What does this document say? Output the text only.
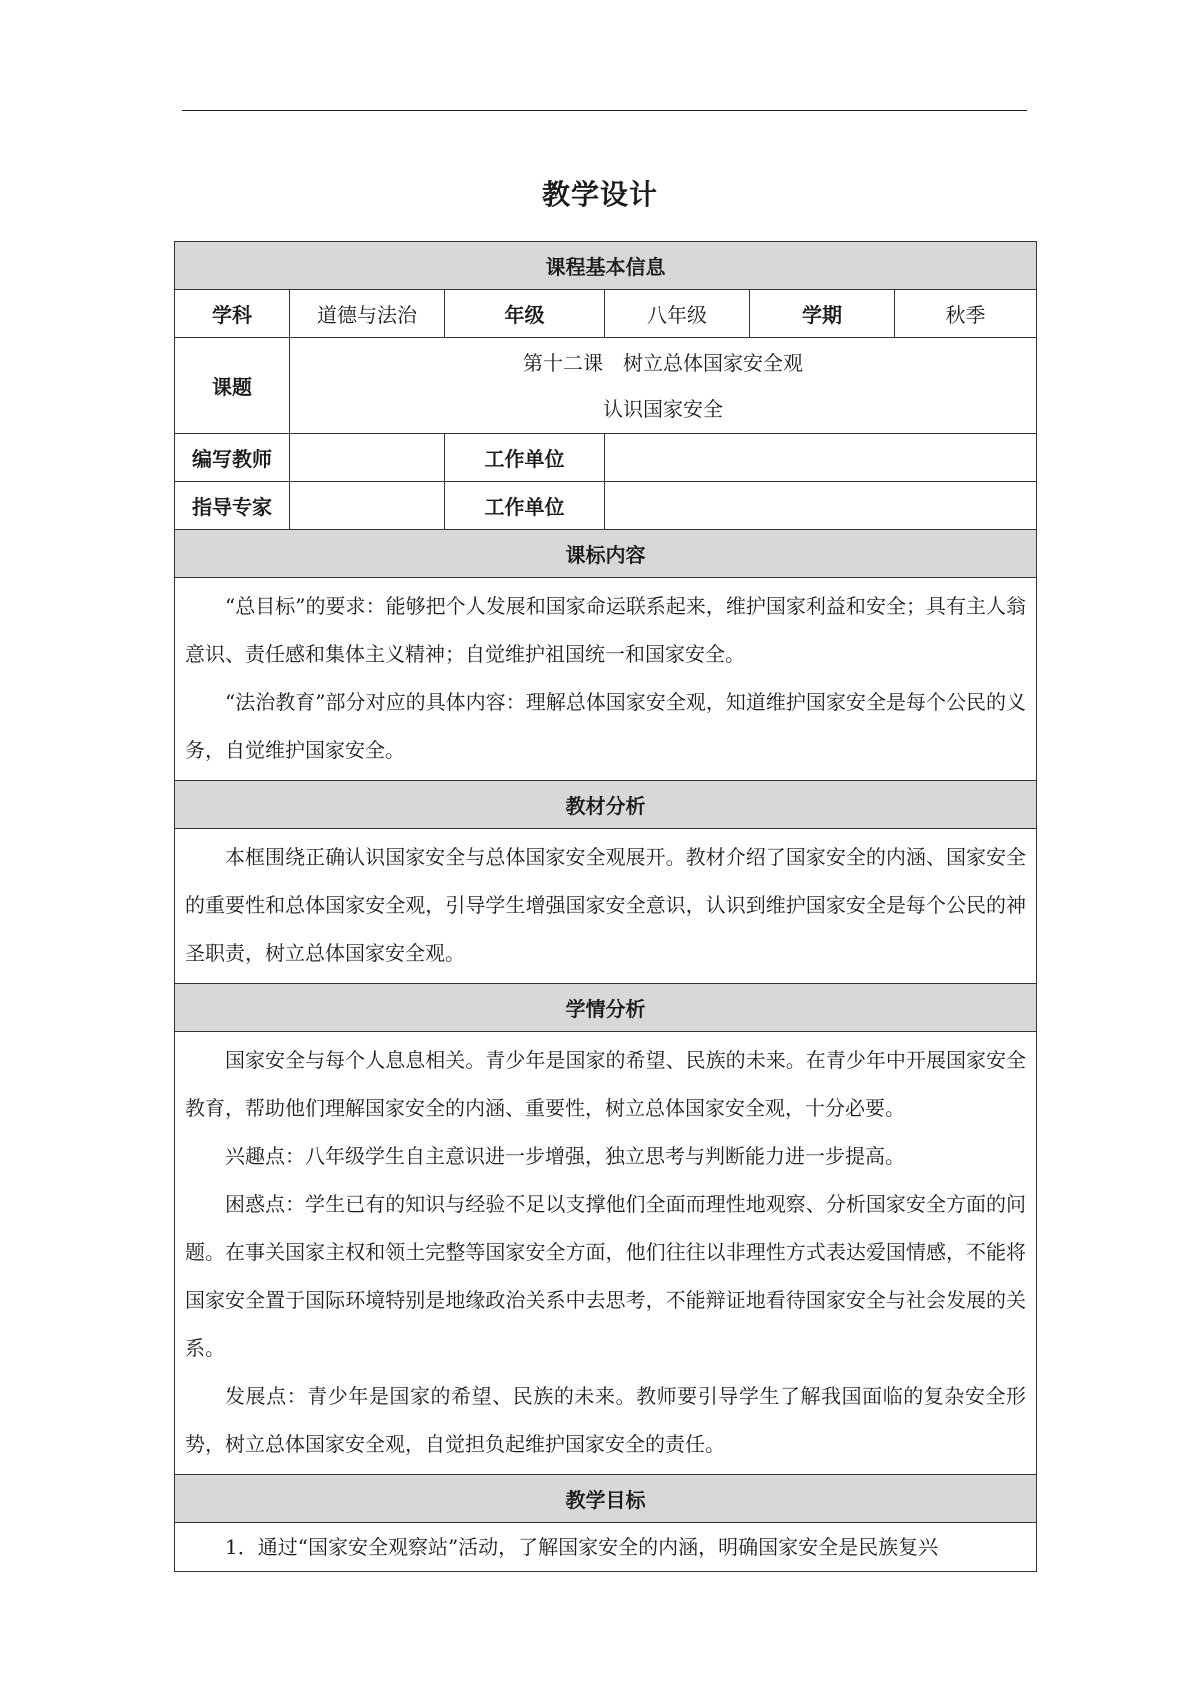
教学设计
课程基本信息					
学科	道德与法治	年级	八年级	学期	秋季
课题	第十二课　树立总体国家安全观
认识国家安全				

编写教师		工作单位			
指导专家		工作单位			
课标内容					

“总目标”的要求：能够把个人发展和国家命运联系起来，维护国家利益和安全；具有主人翁意识、责任感和集体主义精神；自觉维护祖国统一和国家安全。

“法治教育”部分对应的具体内容：理解总体国家安全观，知道维护国家安全是每个公民的义务，自觉维护国家安全。					

教材分析					

本框围绕正确认识国家安全与总体国家安全观展开。教材介绍了国家安全的内涵、国家安全的重要性和总体国家安全观，引导学生增强国家安全意识，认识到维护国家安全是每个公民的神圣职责，树立总体国家安全观。					

学情分析					

国家安全与每个人息息相关。青少年是国家的希望、民族的未来。在青少年中开展国家安全教育，帮助他们理解国家安全的内涵、重要性，树立总体国家安全观，十分必要。

兴趣点：八年级学生自主意识进一步增强，独立思考与判断能力进一步提高。

困惑点：学生已有的知识与经验不足以支撑他们全面而理性地观察、分析国家安全方面的问题。在事关国家主权和领土完整等国家安全方面，他们往往以非理性方式表达爱国情感，不能将国家安全置于国际环境特别是地缘政治关系中去思考，不能辩证地看待国家安全与社会发展的关系。

发展点：青少年是国家的希望、民族的未来。教师要引导学生了解我国面临的复杂安全形势，树立总体国家安全观，自觉担负起维护国家安全的责任。					

教学目标					

1．通过“国家安全观察站”活动，了解国家安全的内涵，明确国家安全是民族复兴					
